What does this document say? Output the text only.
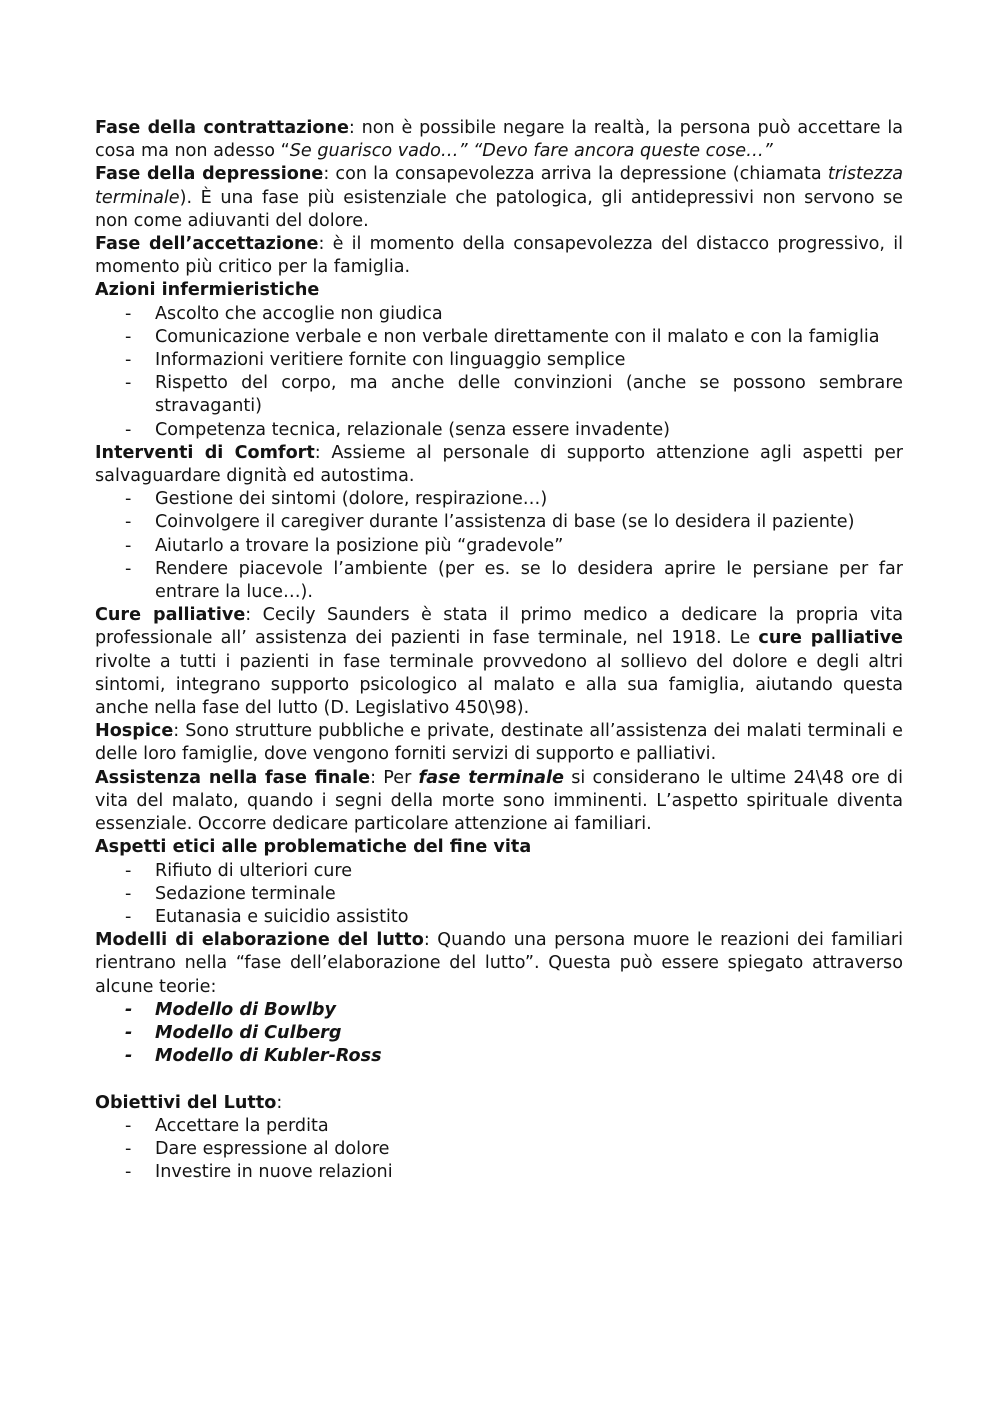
Fase della contrattazione: non è possibile negare la realtà, la persona può accettare la cosa ma non adesso “Se guarisco vado…” “Devo fare ancora queste cose…”

Fase della depressione: con la consapevolezza arriva la depressione (chiamata tristezza terminale). È una fase più esistenziale che patologica, gli antidepressivi non servono se non come adiuvanti del dolore.

Fase dell’accettazione: è il momento della consapevolezza del distacco progressivo, il momento più critico per la famiglia.

Azioni infermieristiche

- Ascolto che accoglie non giudica
- Comunicazione verbale e non verbale direttamente con il malato e con la famiglia
- Informazioni veritiere fornite con linguaggio semplice
- Rispetto del corpo, ma anche delle convinzioni (anche se possono sembrare stravaganti)
- Competenza tecnica, relazionale (senza essere invadente)

Interventi di Comfort: Assieme al personale di supporto attenzione agli aspetti per salvaguardare dignità ed autostima.

- Gestione dei sintomi (dolore, respirazione…)
- Coinvolgere il caregiver durante l’assistenza di base (se lo desidera il paziente)
- Aiutarlo a trovare la posizione più “gradevole”
- Rendere piacevole l’ambiente (per es. se lo desidera aprire le persiane per far entrare la luce…).

Cure palliative: Cecily Saunders è stata il primo medico a dedicare la propria vita professionale all’ assistenza dei pazienti in fase terminale, nel 1918. Le cure palliative rivolte a tutti i pazienti in fase terminale provvedono al sollievo del dolore e degli altri sintomi, integrano supporto psicologico al malato e alla sua famiglia, aiutando questa anche nella fase del lutto (D. Legislativo 450\98).

Hospice: Sono strutture pubbliche e private, destinate all’assistenza dei malati terminali e delle loro famiglie, dove vengono forniti servizi di supporto e palliativi.

Assistenza nella fase finale: Per fase terminale si considerano le ultime 24\48 ore di vita del malato, quando i segni della morte sono imminenti. L’aspetto spirituale diventa essenziale. Occorre dedicare particolare attenzione ai familiari.

Aspetti etici alle problematiche del fine vita

- Rifiuto di ulteriori cure
- Sedazione terminale
- Eutanasia e suicidio assistito

Modelli di elaborazione del lutto: Quando una persona muore le reazioni dei familiari rientrano nella “fase dell’elaborazione del lutto”. Questa può essere spiegato attraverso alcune teorie:

- Modello di Bowlby
- Modello di Culberg
- Modello di Kubler-Ross

Obiettivi del Lutto:

- Accettare la perdita
- Dare espressione al dolore
- Investire in nuove relazioni
